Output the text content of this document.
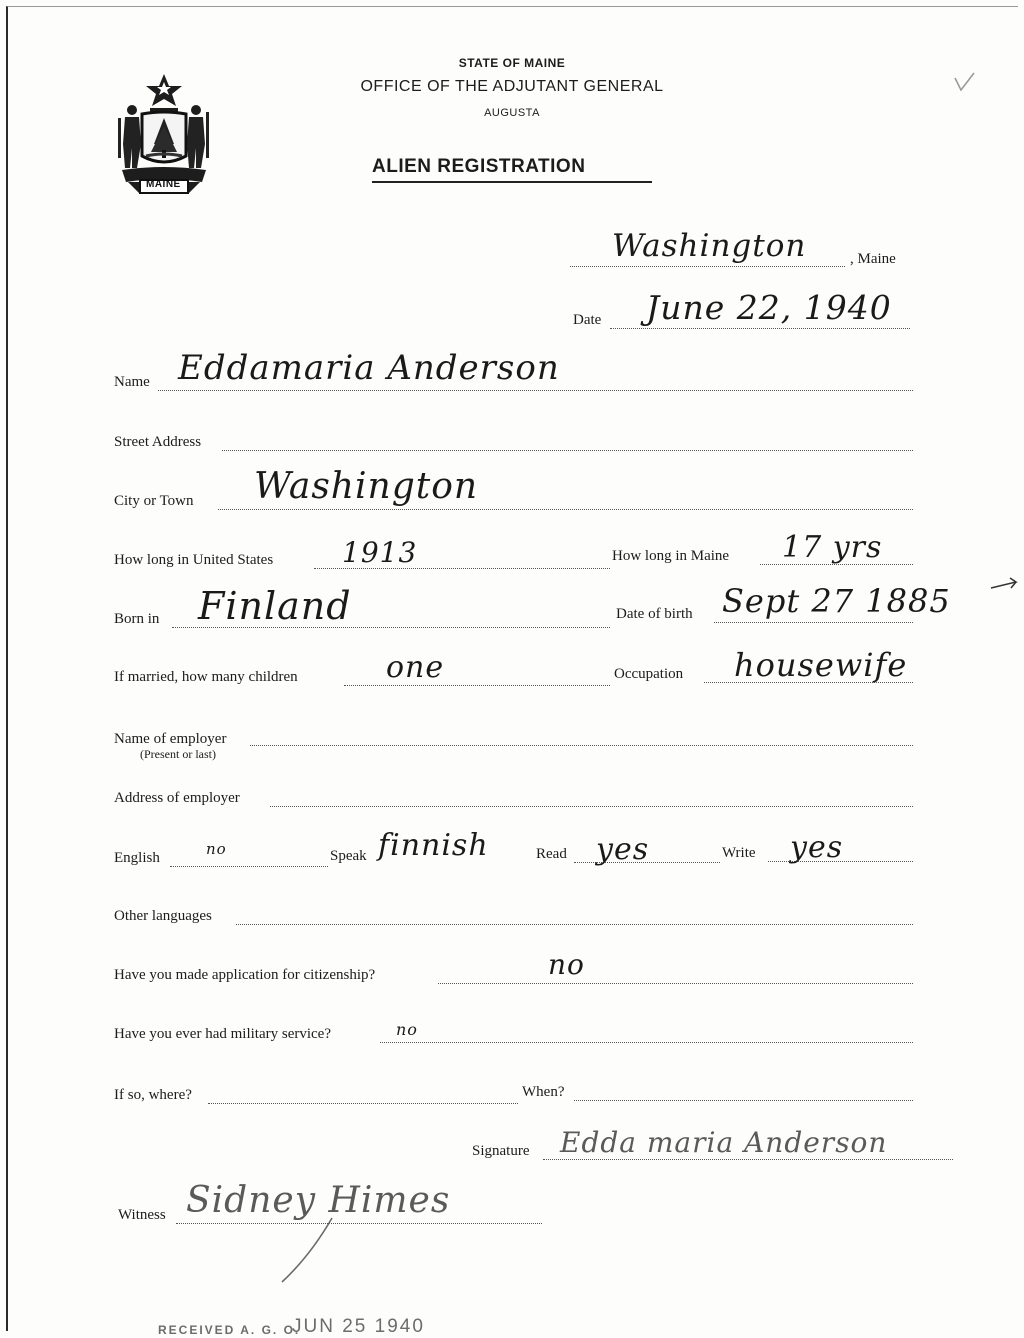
MAINE
STATE OF MAINE
OFFICE OF THE ADJUTANT GENERAL
AUGUSTA
ALIEN REGISTRATION
Washington	, Maine
Date June 22, 1940
Name Eddamaria Anderson
Street Address
City or Town Washington
How long in United States 1913	How long in Maine 17 yrs
Born in Finland	Date of birth Sept 27 1885
If married, how many children	one	Occupation housewife
Name of employer
(Present or last)
Address of employer
English	no	Speak finnish	Read yes	Write yes
Other languages
Have you made application for citizenship?	no
Have you ever had military service?	no
If so, where?	When?
Signature Edda maria Anderson
Witness Sidney Himes
RECEIVED A. G. O.
JUN 25 1940
